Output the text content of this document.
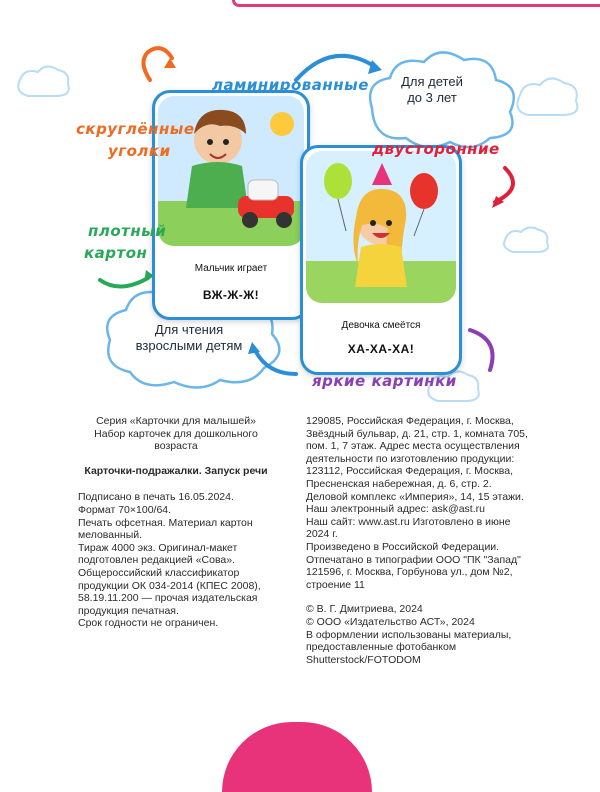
Мальчик играет
ВЖ-Ж-Ж!
Девочка смеётся
ХА-ХА-ХА!
Для детей до 3 лет
Для чтения взрослыми детям
ламинированные
скруглённые
уголки
плотный
картон
двусторонние
яркие картинки

Серия «Карточки для малышей»

Набор карточек для дошкольного возраста

Карточки-подражалки. Запуск речи

Подписано в печать 16.05.2024.

Формат 70×100/64.

Печать офсетная. Материал картон мелованный.

Тираж 4000 экз. Оригинал-макет подготовлен редакцией «Сова».

Общероссийский классификатор продукции ОК 034-2014 (КПЕС 2008), 58.19.11.200 — прочая издательская продукция печатная.

Срок годности не ограничен.

129085, Российская Федерация, г. Москва, Звёздный бульвар, д. 21, стр. 1, комната 705, пом. 1, 7 этаж. Адрес места осуществления деятельности по изготовлению продукции: 123112, Российская Федерация, г. Москва, Пресненская набережная, д. 6, стр. 2. Деловой комплекс «Империя», 14, 15 этажи.

Наш электронный адрес: ask@ast.ru

Наш сайт: www.ast.ru Изготовлено в июне 2024 г.

Произведено в Российской Федерации.

Отпечатано в типографии ООО "ПК "Запад" 121596, г. Москва, Горбунова ул., дом №2, строение 11

© В. Г. Дмитриева, 2024

© ООО «Издательство АСТ», 2024

В оформлении использованы материалы, предоставленные фотобанком Shutterstock/FOTODOM
